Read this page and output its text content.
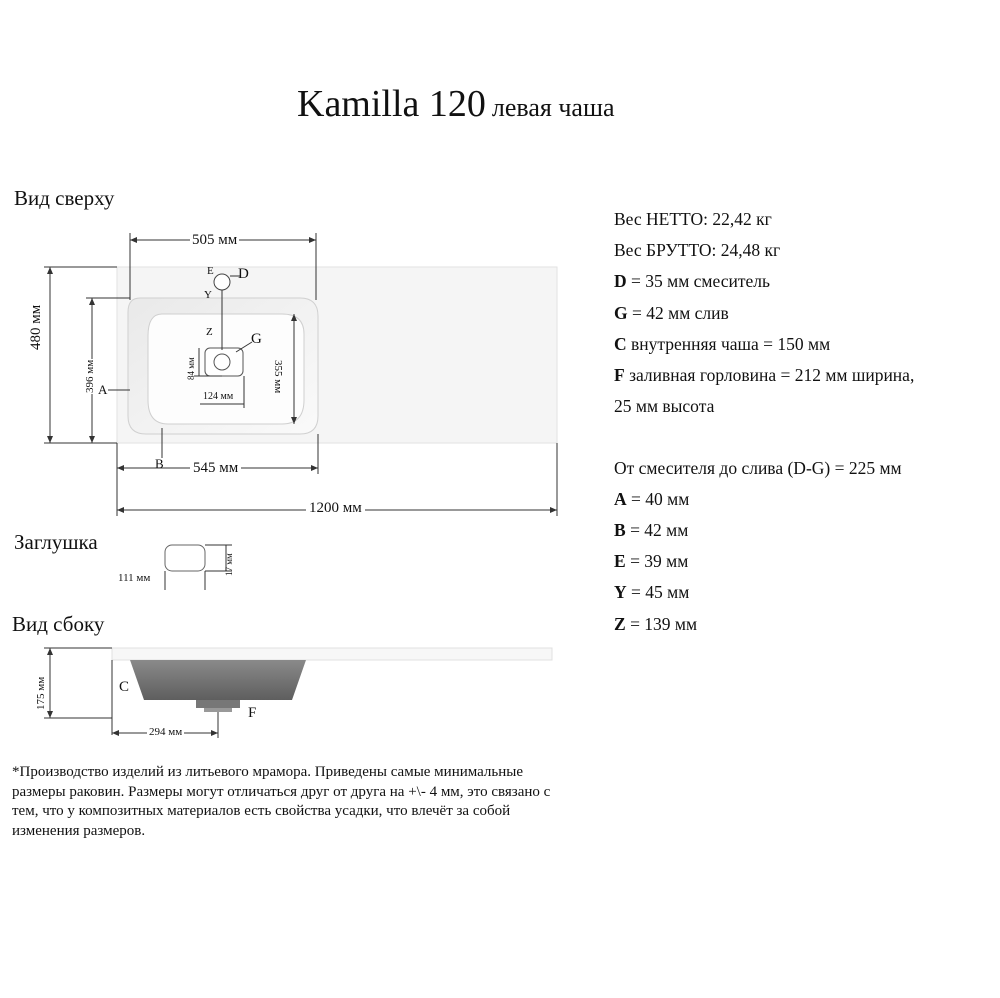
Kamilla 120 левая чаша
Вид сверху
Заглушка
Вид сбоку
505 мм
480 мм
396 мм	355 мм
84 мм
124 мм
545 мм
1200 мм
111 мм
17 мм
175 мм
294 мм
E D
Y
Z	G
A
B
C
F
Вес НЕТТО: 22,42 кг
Вес БРУТТО: 24,48 кг
D = 35 мм смеситель
G = 42 мм слив
C внутренняя чаша = 150 мм
F заливная горловина = 212 мм ширина,
25 мм высота
От смесителя до слива (D-G) = 225 мм
A = 40 мм
B = 42 мм
E = 39 мм
Y = 45 мм
Z = 139 мм
*Производство изделий из литьевого мрамора. Приведены самые минимальные размеры раковин. Размеры могут отличаться друг от друга на +\- 4 мм, это связано с тем, что у композитных материалов есть свойства усадки, что влечёт за собой изменения размеров.
